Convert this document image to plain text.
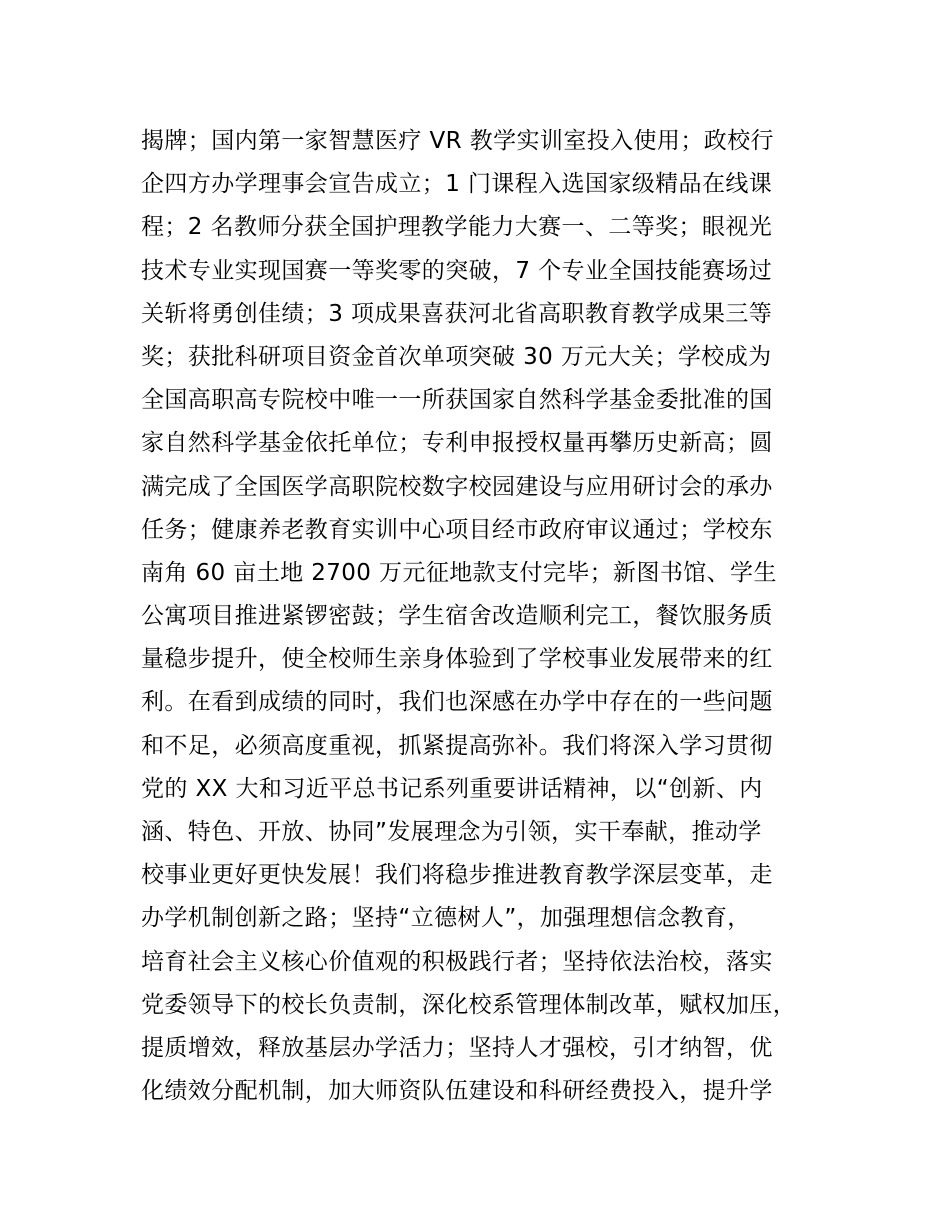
揭牌；国内第一家智慧医疗 VR 教学实训室投入使用；政校行
企四方办学理事会宣告成立；1 门课程入选国家级精品在线课
程；2 名教师分获全国护理教学能力大赛一、二等奖；眼视光
技术专业实现国赛一等奖零的突破，7 个专业全国技能赛场过
关斩将勇创佳绩；3 项成果喜获河北省高职教育教学成果三等
奖；获批科研项目资金首次单项突破 30 万元大关；学校成为
全国高职高专院校中唯一一所获国家自然科学基金委批准的国
家自然科学基金依托单位；专利申报授权量再攀历史新高；圆
满完成了全国医学高职院校数字校园建设与应用研讨会的承办
任务；健康养老教育实训中心项目经市政府审议通过；学校东
南角 60 亩土地 2700 万元征地款支付完毕；新图书馆、学生
公寓项目推进紧锣密鼓；学生宿舍改造顺利完工，餐饮服务质
量稳步提升，使全校师生亲身体验到了学校事业发展带来的红
利。在看到成绩的同时，我们也深感在办学中存在的一些问题
和不足，必须高度重视，抓紧提高弥补。我们将深入学习贯彻
党的 XX 大和习近平总书记系列重要讲话精神，以“创新、内
涵、特色、开放、协同”发展理念为引领，实干奉献，推动学
校事业更好更快发展！我们将稳步推进教育教学深层变革，走
办学机制创新之路；坚持“立德树人”，加强理想信念教育，
培育社会主义核心价值观的积极践行者；坚持依法治校，落实
党委领导下的校长负责制，深化校系管理体制改革，赋权加压，
提质增效，释放基层办学活力；坚持人才强校，引才纳智，优
化绩效分配机制，加大师资队伍建设和科研经费投入，提升学
